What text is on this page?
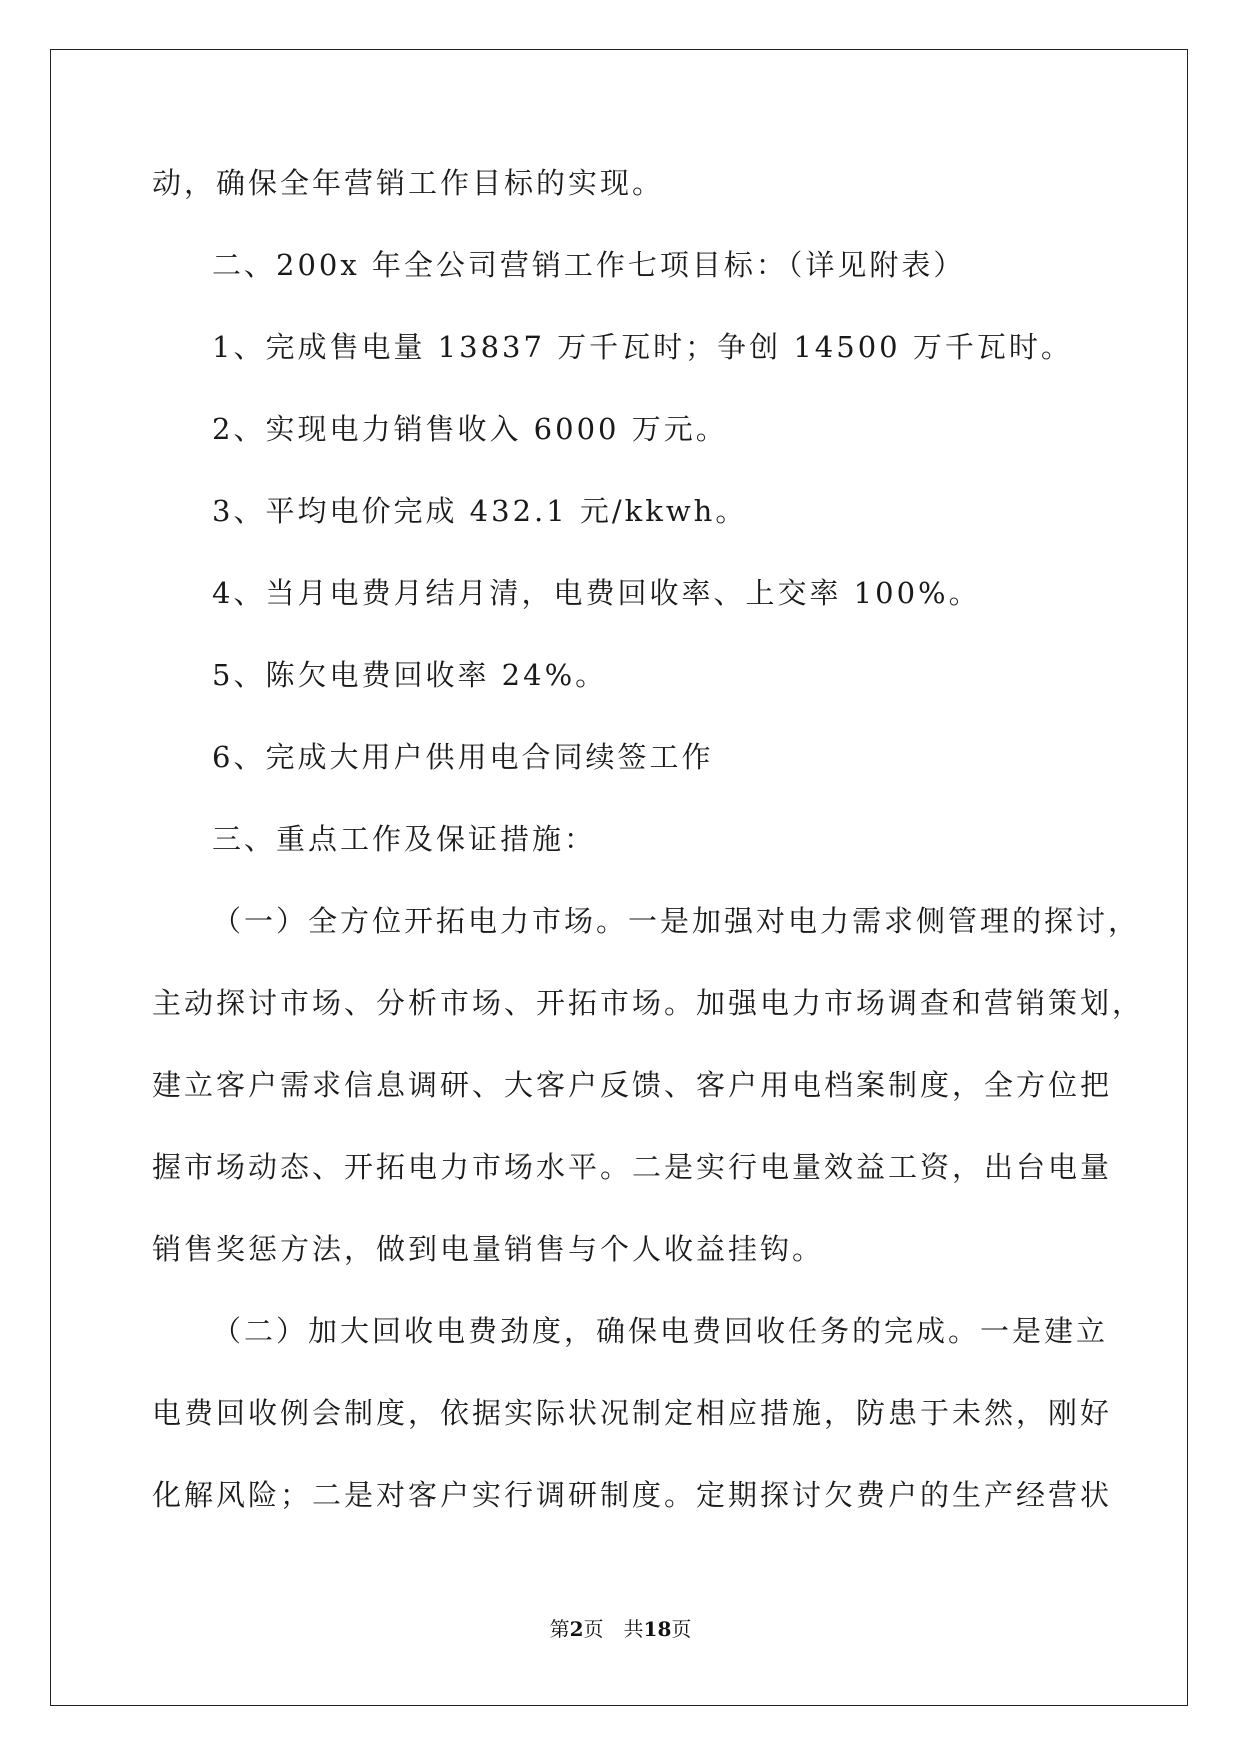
动，确保全年营销工作目标的实现。
二、200x 年全公司营销工作七项目标：（详见附表）
1、完成售电量 13837 万千瓦时；争创 14500 万千瓦时。
2、实现电力销售收入 6000 万元。
3、平均电价完成 432.1 元/kkwh。
4、当月电费月结月清，电费回收率、上交率 100%。
5、陈欠电费回收率 24%。
6、完成大用户供用电合同续签工作
三、重点工作及保证措施：
（一）全方位开拓电力市场。一是加强对电力需求侧管理的探讨，
主动探讨市场、分析市场、开拓市场。加强电力市场调查和营销策划，
建立客户需求信息调研、大客户反馈、客户用电档案制度，全方位把
握市场动态、开拓电力市场水平。二是实行电量效益工资，出台电量
销售奖惩方法，做到电量销售与个人收益挂钩。
（二）加大回收电费劲度，确保电费回收任务的完成。一是建立
电费回收例会制度，依据实际状况制定相应措施，防患于未然，刚好
化解风险；二是对客户实行调研制度。定期探讨欠费户的生产经营状
第2页　共18页
